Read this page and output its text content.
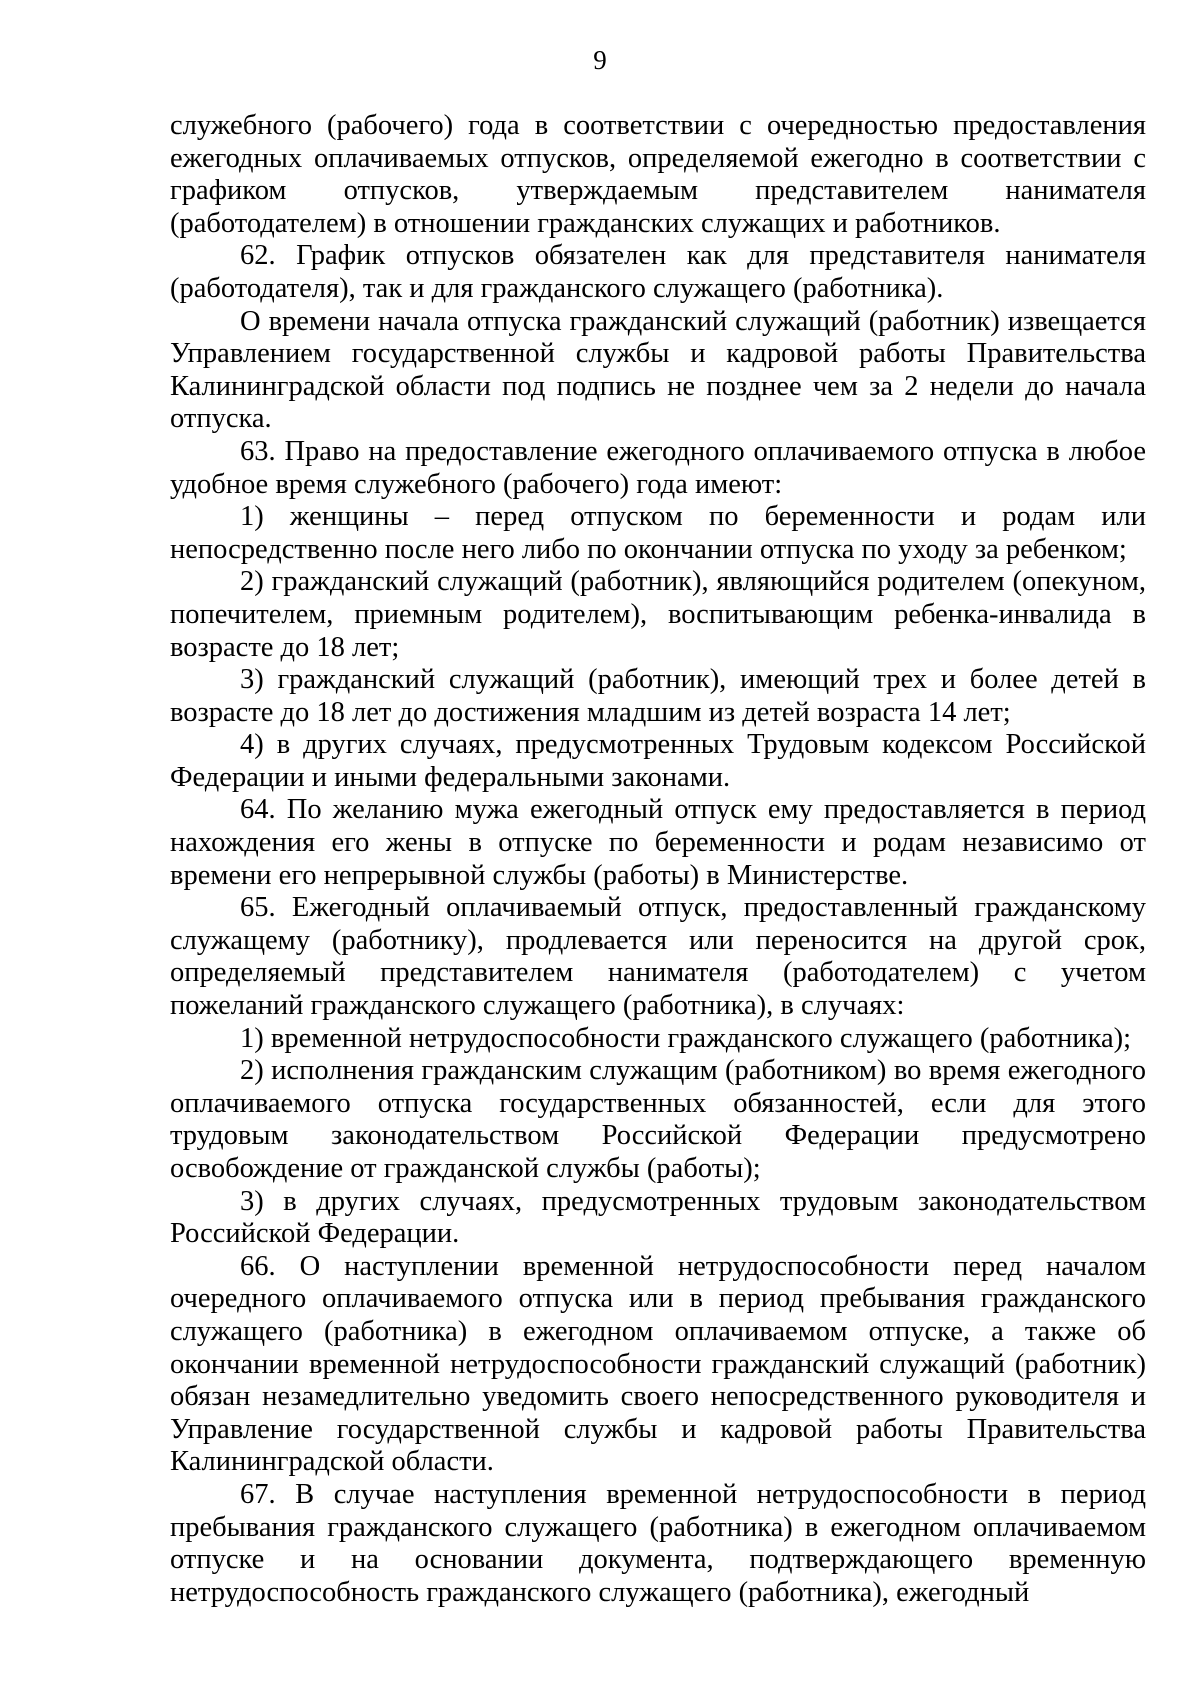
9

служебного (рабочего) года в соответствии с очередностью предоставления ежегодных оплачиваемых отпусков, определяемой ежегодно в соответствии с графиком отпусков, утверждаемым представителем нанимателя (работодателем) в отношении гражданских служащих и работников.

62. График отпусков обязателен как для представителя нанимателя (работодателя), так и для гражданского служащего (работника).

О времени начала отпуска гражданский служащий (работник) извещается Управлением государственной службы и кадровой работы Правительства Калининградской области под подпись не позднее чем за 2 недели до начала отпуска.

63. Право на предоставление ежегодного оплачиваемого отпуска в любое удобное время служебного (рабочего) года имеют:

1) женщины – перед отпуском по беременности и родам или непосредственно после него либо по окончании отпуска по уходу за ребенком;

2) гражданский служащий (работник), являющийся родителем (опекуном, попечителем, приемным родителем), воспитывающим ребенка-инвалида в возрасте до 18 лет;

3) гражданский служащий (работник), имеющий трех и более детей в возрасте до 18 лет до достижения младшим из детей возраста 14 лет;

4) в других случаях, предусмотренных Трудовым кодексом Российской Федерации и иными федеральными законами.

64. По желанию мужа ежегодный отпуск ему предоставляется в период нахождения его жены в отпуске по беременности и родам независимо от времени его непрерывной службы (работы) в Министерстве.

65. Ежегодный оплачиваемый отпуск, предоставленный гражданскому служащему (работнику), продлевается или переносится на другой срок, определяемый представителем нанимателя (работодателем) с учетом пожеланий гражданского служащего (работника), в случаях:

1) временной нетрудоспособности гражданского служащего (работника);

2) исполнения гражданским служащим (работником) во время ежегодного оплачиваемого отпуска государственных обязанностей, если для этого трудовым законодательством Российской Федерации предусмотрено освобождение от гражданской службы (работы);

3) в других случаях, предусмотренных трудовым законодательством Российской Федерации.

66. О наступлении временной нетрудоспособности перед началом очередного оплачиваемого отпуска или в период пребывания гражданского служащего (работника) в ежегодном оплачиваемом отпуске, а также об окончании временной нетрудоспособности гражданский служащий (работник) обязан незамедлительно уведомить своего непосредственного руководителя и Управление государственной службы и кадровой работы Правительства Калининградской области.

67. В случае наступления временной нетрудоспособности в период пребывания гражданского служащего (работника) в ежегодном оплачиваемом отпуске и на основании документа, подтверждающего временную нетрудоспособность гражданского служащего (работника), ежегодный
